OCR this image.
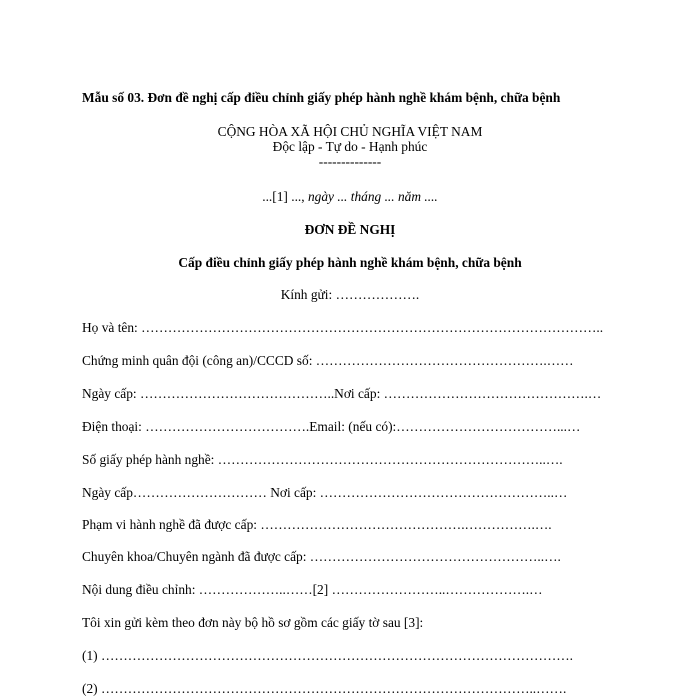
Mẫu số 03. Đơn đề nghị cấp điều chỉnh giấy phép hành nghề khám bệnh, chữa bệnh
CỘNG HÒA XÃ HỘI CHỦ NGHĨA VIỆT NAM
Độc lập - Tự do - Hạnh phúc
--------------
...[1] ..., ngày ... tháng ... năm ....
ĐƠN ĐỀ NGHỊ
Cấp điều chỉnh giấy phép hành nghề khám bệnh, chữa bệnh
Kính gửi: ……………….
Họ và tên: …………………………………………………………………………………………..
Chứng minh quân đội (công an)/CCCD số: …………………………………………….……
Ngày cấp: ……………………………………..Nơi cấp: ……………………………………….…
Điện thoại: ……………………………….Email: (nếu có):………………………………...…
Số giấy phép hành nghề: ………………………………………………………………..….
Ngày cấp………………………… Nơi cấp: ……………………………………………..…
Phạm vi hành nghề đã được cấp: ……………………………………….…………….….
Chuyên khoa/Chuyên ngành đã được cấp: ……………………………………………..….
Nội dung điều chỉnh: ………………..……[2] ……………………..……………….…
Tôi xin gửi kèm theo đơn này bộ hồ sơ gồm các giấy tờ sau [3]:
(1) …………………………………………………………………………………………….
(2) ……………………………………………………………………………………..…….
